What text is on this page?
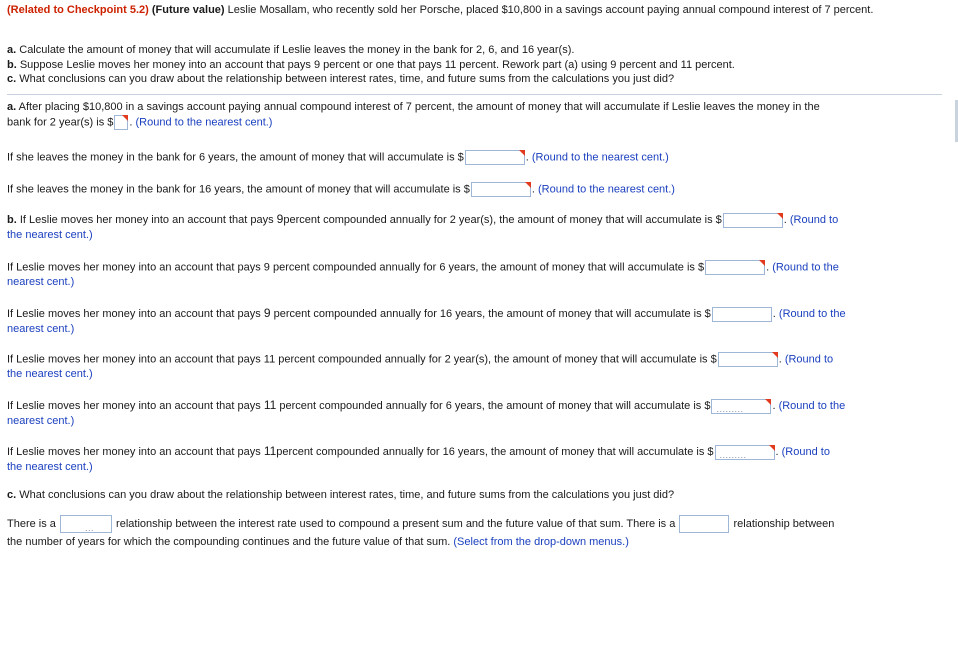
(Related to Checkpoint 5.2) (Future value) Leslie Mosallam, who recently sold her Porsche, placed $10,800 in a savings account paying annual compound interest of 7 percent.
a. Calculate the amount of money that will accumulate if Leslie leaves the money in the bank for 2, 6, and 16 year(s).
b. Suppose Leslie moves her money into an account that pays 9 percent or one that pays 11 percent. Rework part (a) using 9 percent and 11 percent.
c. What conclusions can you draw about the relationship between interest rates, time, and future sums from the calculations you just did?
a. After placing $10,800 in a savings account paying annual compound interest of 7 percent, the amount of money that will accumulate if Leslie leaves the money in the
bank for 2 year(s) is $ . (Round to the nearest cent.)
If she leaves the money in the bank for 6 years, the amount of money that will accumulate is $	. (Round to the nearest cent.)
If she leaves the money in the bank for 16 years, the amount of money that will accumulate is $	. (Round to the nearest cent.)
b. If Leslie moves her money into an account that pays 9percent compounded annually for 2 year(s), the amount of money that will accumulate is $	. (Round to
the nearest cent.)
If Leslie moves her money into an account that pays 9 percent compounded annually for 6 years, the amount of money that will accumulate is $	. (Round to the
nearest cent.)
If Leslie moves her money into an account that pays 9 percent compounded annually for 16 years, the amount of money that will accumulate is $	. (Round to the
nearest cent.)
If Leslie moves her money into an account that pays 11 percent compounded annually for 2 year(s), the amount of money that will accumulate is $	. (Round to
the nearest cent.)
If Leslie moves her money into an account that pays 11 percent compounded annually for 6 years, the amount of money that will accumulate is $ . . . . . . . . .	. (Round to the
nearest cent.)
If Leslie moves her money into an account that pays 11percent compounded annually for 16 years, the amount of money that will accumulate is $ . . . . . . . . .	. (Round to
the nearest cent.)
c. What conclusions can you draw about the relationship between interest rates, time, and future sums from the calculations you just did?
There is a	. . . relationship between the interest rate used to compound a present sum and the future value of that sum. There is a	relationship between
the number of years for which the compounding continues and the future value of that sum. (Select from the drop-down menus.)
